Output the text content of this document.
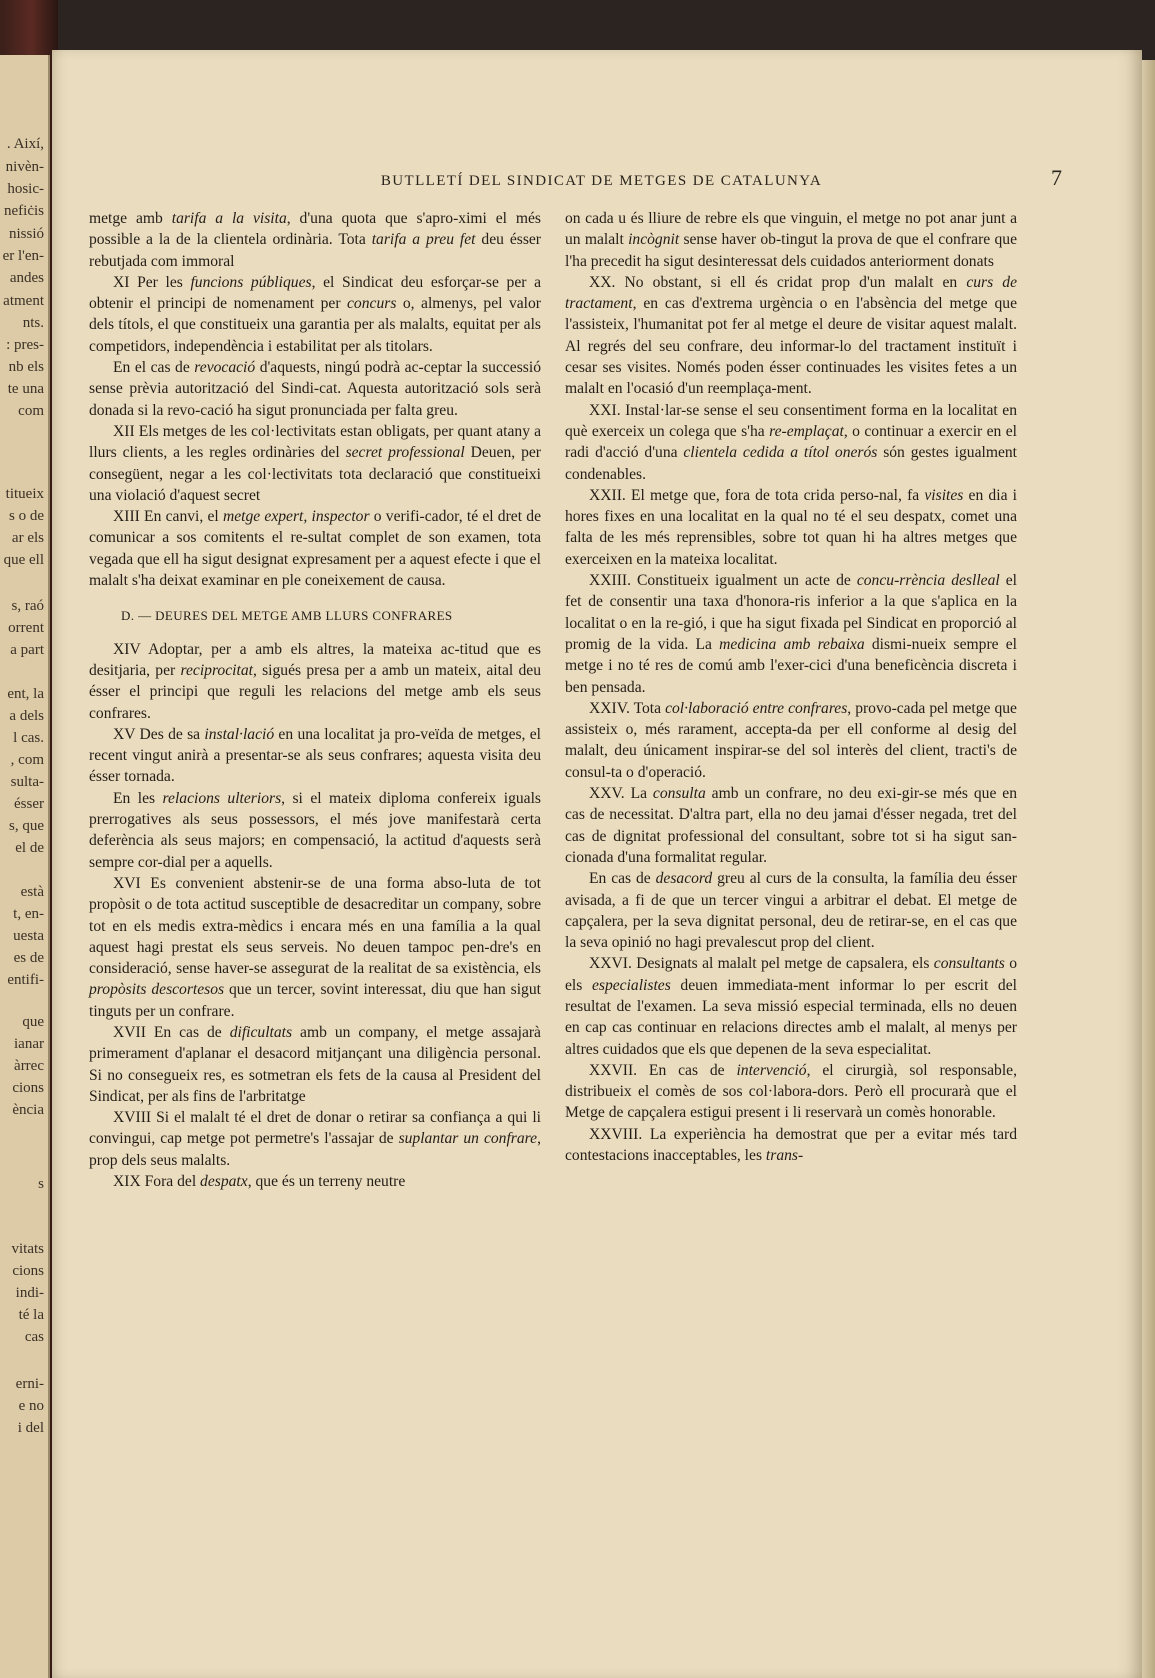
. Així,
nivèn-
hosic-
nefiċis
nissió
er l'en-
andes
atment
nts.
: pres-
nb els
te una
com
titueix
s o de
ar els
que ell
s, raó
orrent
a part
ent, la
a dels
l cas.
, com
sulta-
ésser
s, que
el de
està
t, en-
uesta
es de
entifi-
que
ianar
àrrec
cions
ència
s
vitats
cions
indi-
té la
cas
erni-
e no
i del
BUTLLETÍ DEL SINDICAT DE METGES DE CATALUNYA	7

metge amb tarifa a la visita, d'una quota que s'apro-ximi el més possible a la de la clientela ordinària. Tota tarifa a preu fet deu ésser rebutjada com immoral

XI Per les funcions públiques, el Sindicat deu esforçar-se per a obtenir el principi de nomenament per concurs o, almenys, pel valor dels títols, el que constitueix una garantia per als malalts, equitat per als competidors, independència i estabilitat per als titolars.

En el cas de revocació d'aquests, ningú podrà ac-ceptar la successió sense prèvia autorització del Sindi-cat. Aquesta autorització sols serà donada si la revo-cació ha sigut pronunciada per falta greu.

XII Els metges de les col·lectivitats estan obligats, per quant atany a llurs clients, a les regles ordinàries del secret professional Deuen, per consegüent, negar a les col·lectivitats tota declaració que constitueixi una violació d'aquest secret

XIII En canvi, el metge expert, inspector o verifi-cador, té el dret de comunicar a sos comitents el re-sultat complet de son examen, tota vegada que ell ha sigut designat expresament per a aquest efecte i que el malalt s'ha deixat examinar en ple coneixement de causa.

D. — DEURES DEL METGE AMB LLURS CONFRARES

XIV Adoptar, per a amb els altres, la mateixa ac-titud que es desitjaria, per reciprocitat, sigués presa per a amb un mateix, aital deu ésser el principi que reguli les relacions del metge amb els seus confrares.

XV Des de sa instal·lació en una localitat ja pro-veïda de metges, el recent vingut anirà a presentar-se als seus confrares; aquesta visita deu ésser tornada.

En les relacions ulteriors, si el mateix diploma confereix iguals prerrogatives als seus possessors, el més jove manifestarà certa deferència als seus majors; en compensació, la actitud d'aquests serà sempre cor-dial per a aquells.

XVI Es convenient abstenir-se de una forma abso-luta de tot propòsit o de tota actitud susceptible de desacreditar un company, sobre tot en els medis extra-mèdics i encara més en una família a la qual aquest hagi prestat els seus serveis. No deuen tampoc pen-dre's en consideració, sense haver-se assegurat de la realitat de sa existència, els propòsits descortesos que un tercer, sovint interessat, diu que han sigut tinguts per un confrare.

XVII En cas de dificultats amb un company, el metge assajarà primerament d'aplanar el desacord mitjançant una diligència personal. Si no consegueix res, es sotmetran els fets de la causa al President del Sindicat, per als fins de l'arbritatge

XVIII Si el malalt té el dret de donar o retirar sa confiança a qui li convingui, cap metge pot permetre's l'assajar de suplantar un confrare, prop dels seus malalts.

XIX Fora del despatx, que és un terreny neutre

on cada u és lliure de rebre els que vinguin, el metge no pot anar junt a un malalt incògnit sense haver ob-tingut la prova de que el confrare que l'ha precedit ha sigut desinteressat dels cuidados anteriorment donats

XX. No obstant, si ell és cridat prop d'un malalt en curs de tractament, en cas d'extrema urgència o en l'absència del metge que l'assisteix, l'humanitat pot fer al metge el deure de visitar aquest malalt. Al regrés del seu confrare, deu informar-lo del tractament instituït i cesar ses visites. Només poden ésser continuades les visites fetes a un malalt en l'ocasió d'un reemplaça-ment.

XXI. Instal·lar-se sense el seu consentiment forma en la localitat en què exerceix un colega que s'ha re-emplaçat, o continuar a exercir en el radi d'acció d'una clientela cedida a títol onerós són gestes igualment condenables.

XXII. El metge que, fora de tota crida perso-nal, fa visites en dia i hores fixes en una localitat en la qual no té el seu despatx, comet una falta de les més reprensibles, sobre tot quan hi ha altres metges que exerceixen en la mateixa localitat.

XXIII. Constitueix igualment un acte de concu-rrència deslleal el fet de consentir una taxa d'honora-ris inferior a la que s'aplica en la localitat o en la re-gió, i que ha sigut fixada pel Sindicat en proporció al promig de la vida. La medicina amb rebaixa dismi-nueix sempre el metge i no té res de comú amb l'exer-cici d'una beneficència discreta i ben pensada.

XXIV. Tota col·laboració entre confrares, provo-cada pel metge que assisteix o, més rarament, accepta-da per ell conforme al desig del malalt, deu únicament inspirar-se del sol interès del client, tracti's de consul-ta o d'operació.

XXV. La consulta amb un confrare, no deu exi-gir-se més que en cas de necessitat. D'altra part, ella no deu jamai d'ésser negada, tret del cas de dignitat professional del consultant, sobre tot si ha sigut san-cionada d'una formalitat regular.

En cas de desacord greu al curs de la consulta, la família deu ésser avisada, a fi de que un tercer vingui a arbitrar el debat. El metge de capçalera, per la seva dignitat personal, deu de retirar-se, en el cas que la seva opinió no hagi prevalescut prop del client.

XXVI. Designats al malalt pel metge de capsalera, els consultants o els especialistes deuen immediata-ment informar lo per escrit del resultat de l'examen. La seva missió especial terminada, ells no deuen en cap cas continuar en relacions directes amb el malalt, al menys per altres cuidados que els que depenen de la seva especialitat.

XXVII. En cas de intervenció, el cirurgià, sol responsable, distribueix el comès de sos col·labora-dors. Però ell procurarà que el Metge de capçalera estigui present i li reservarà un comès honorable.

XXVIII. La experiència ha demostrat que per a evitar més tard contestacions inacceptables, les trans-
